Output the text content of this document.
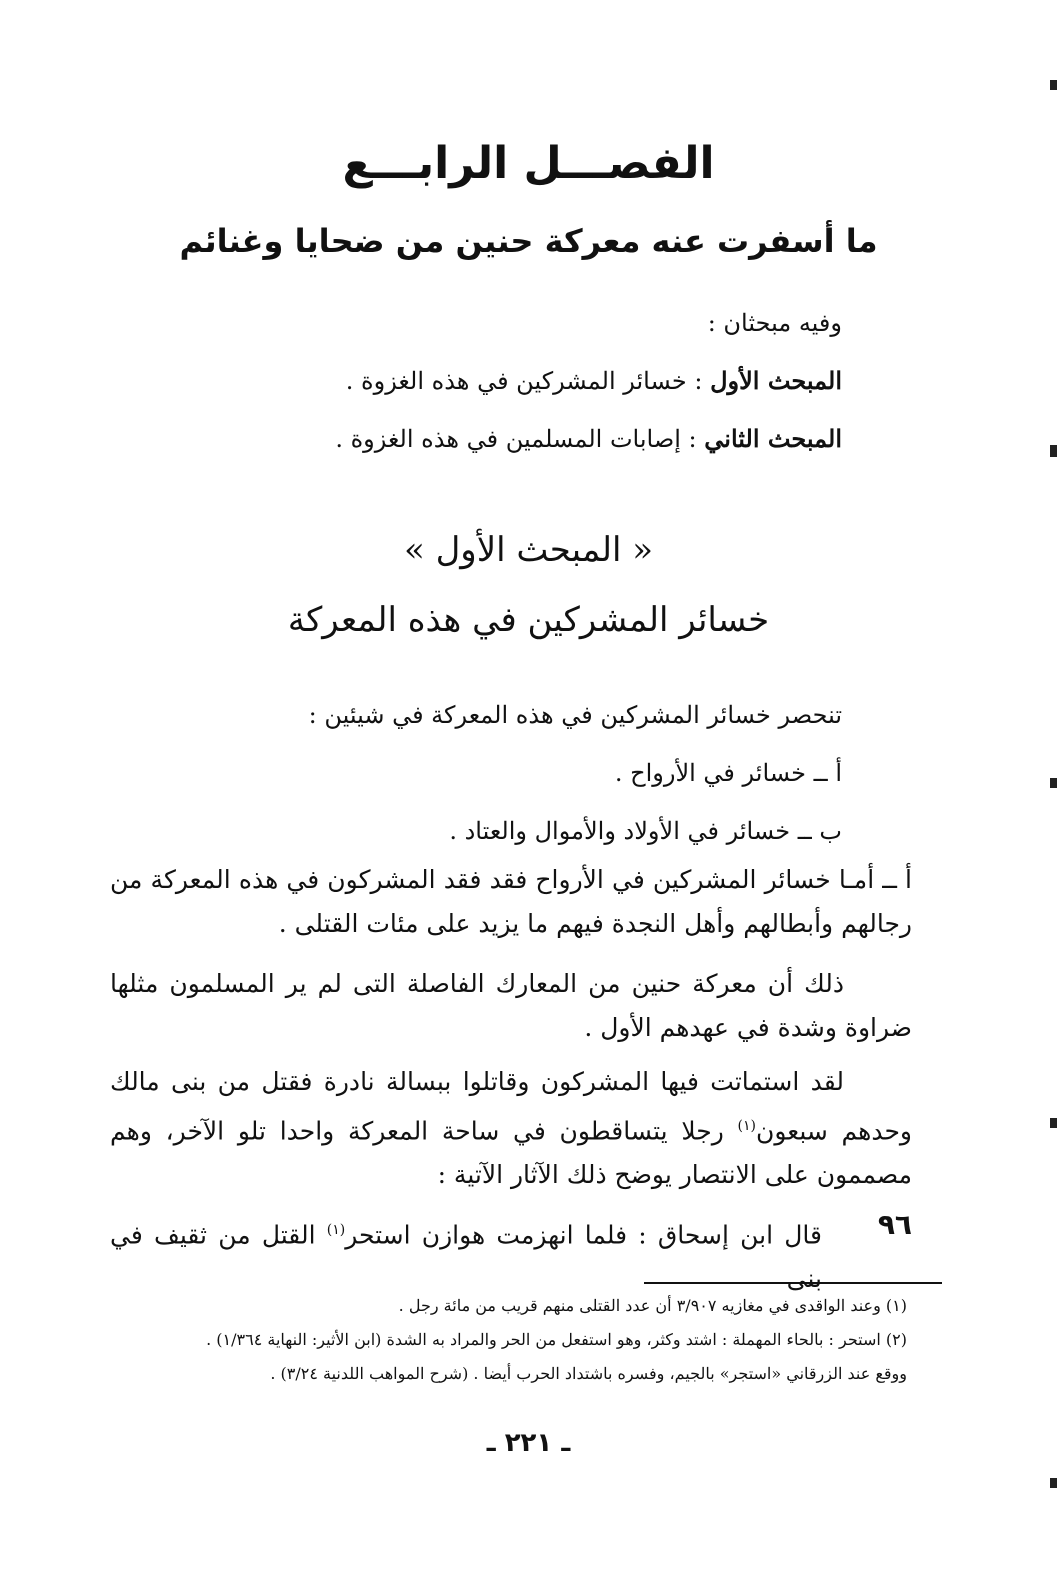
الفصـــل الرابـــع
ما أسفرت عنه معركة حنين من ضحايا وغنائم
وفيه مبحثان :
المبحث الأول : خسائر المشركين في هذه الغزوة .
المبحث الثاني : إصابات المسلمين في هذه الغزوة .
« المبحث الأول »
خسائر المشركين في هذه المعركة
تنحصر خسائر المشركين في هذه المعركة في شيئين :
أ ــ خسائر في الأرواح .
ب ــ خسائر في الأولاد والأموال والعتاد .
أ ــ أمـا خسائر المشركين في الأرواح فقد فقد المشركون في هذه المعركة من رجالهم وأبطالهم وأهل النجدة فيهم ما يزيد على مئات القتلى .
ذلك أن معركة حنين من المعارك الفاصلة التى لم ير المسلمون مثلها ضراوة وشدة في عهدهم الأول .
لقد استماتت فيها المشركون وقاتلوا ببسالة نادرة فقتل من بنى مالك وحدهم سبعون$^{(١)}$ رجلا يتساقطون في ساحة المعركة واحدا تلو الآخر، وهم مصممون على الانتصار يوضح ذلك الآثار الآتية :
٩٦
قال ابن إسحاق : فلما انهزمت هوازن استحر$^{(١)}$ القتل من ثقيف في بنى
(١) وعند الواقدى في مغازيه ٣/٩٠٧ أن عدد القتلى منهم قريب من مائة رجل .
(٢) استحر : بالحاء المهملة : اشتد وكثر، وهو استفعل من الحر والمراد به الشدة (ابن الأثير: النهاية ١/٣٦٤) .
ووقع عند الزرقاني «استجر» بالجيم، وفسره باشتداد الحرب أيضا . (شرح المواهب اللدنية ٣/٢٤) .
ـ ٢٢١ ـ
